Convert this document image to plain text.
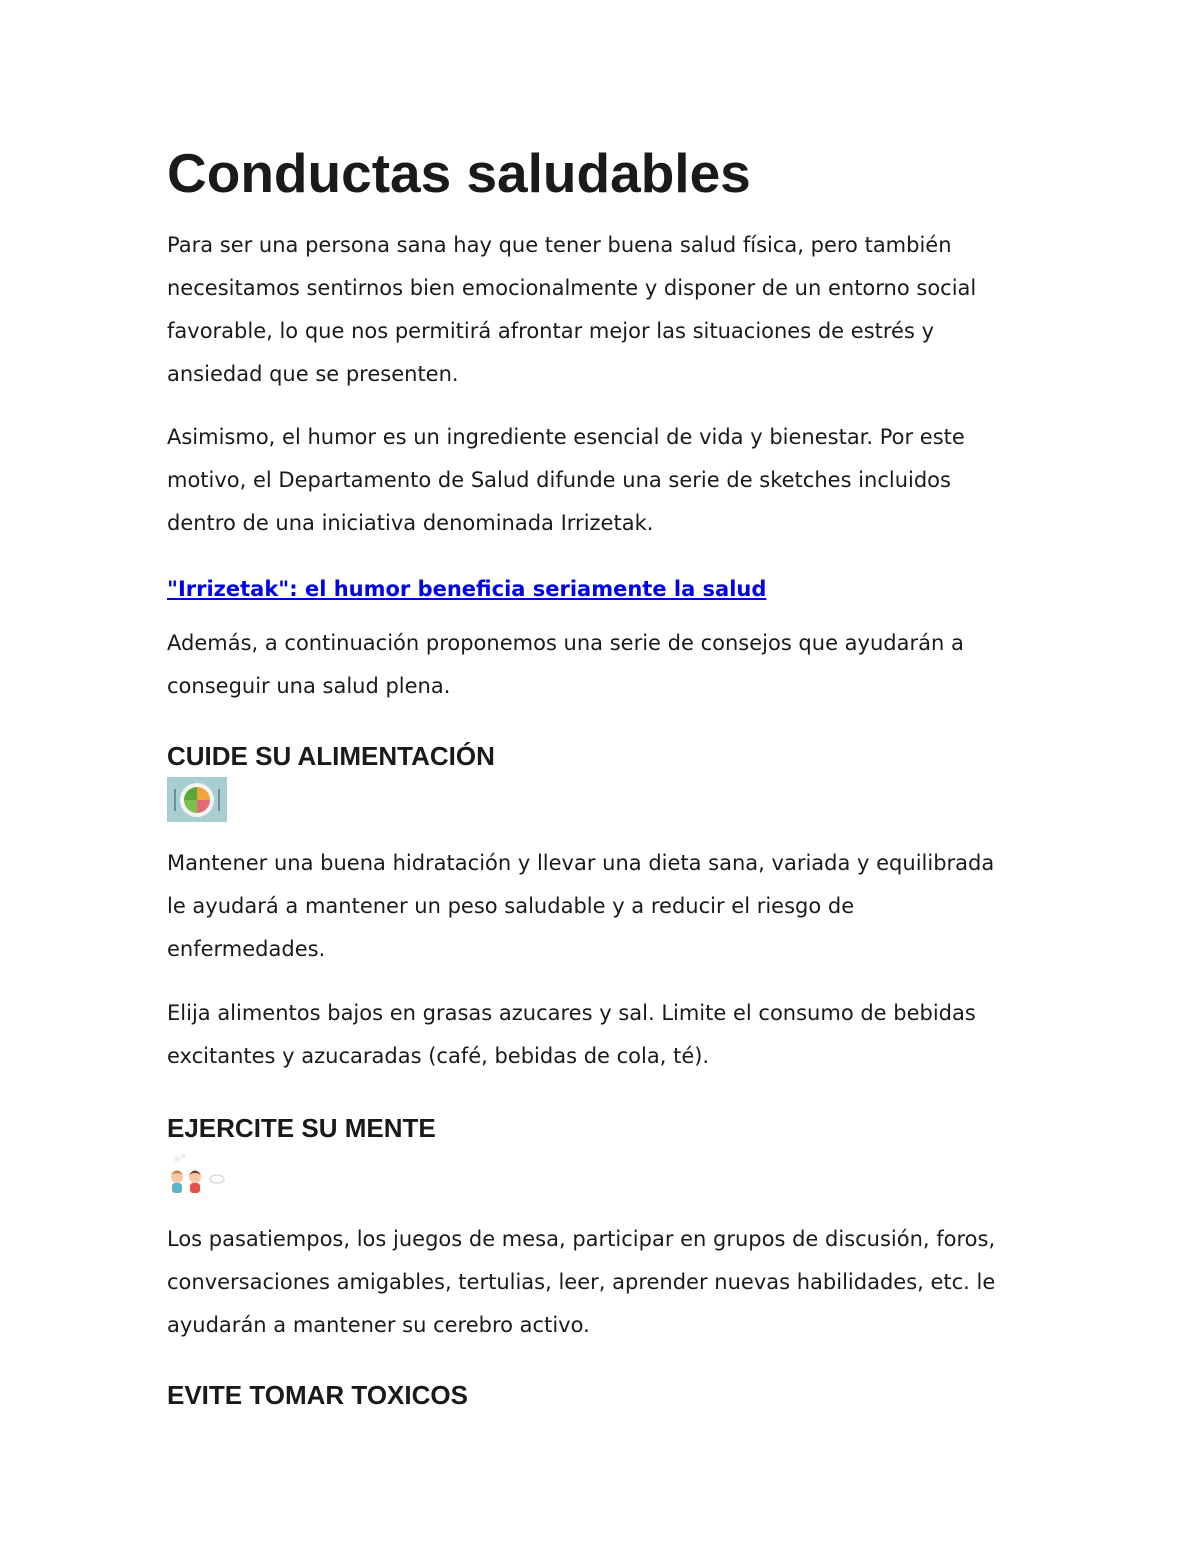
Conductas saludables

Para ser una persona sana hay que tener buena salud física, pero también
necesitamos sentirnos bien emocionalmente y disponer de un entorno social
favorable, lo que nos permitirá afrontar mejor las situaciones de estrés y
ansiedad que se presenten.

Asimismo, el humor es un ingrediente esencial de vida y bienestar. Por este
motivo, el Departamento de Salud difunde una serie de sketches incluidos
dentro de una iniciativa denominada Irrizetak.

"Irrizetak": el humor beneficia seriamente la salud

Además, a continuación proponemos una serie de consejos que ayudarán a
conseguir una salud plena.

CUIDE SU ALIMENTACIÓN

Mantener una buena hidratación y llevar una dieta sana, variada y equilibrada
le ayudará a mantener un peso saludable y a reducir el riesgo de
enfermedades.

Elija alimentos bajos en grasas azucares y sal. Limite el consumo de bebidas
excitantes y azucaradas (café, bebidas de cola, té).

EJERCITE SU MENTE

Los pasatiempos, los juegos de mesa, participar en grupos de discusión, foros,
conversaciones amigables, tertulias, leer, aprender nuevas habilidades, etc. le
ayudarán a mantener su cerebro activo.

EVITE TOMAR TOXICOS
